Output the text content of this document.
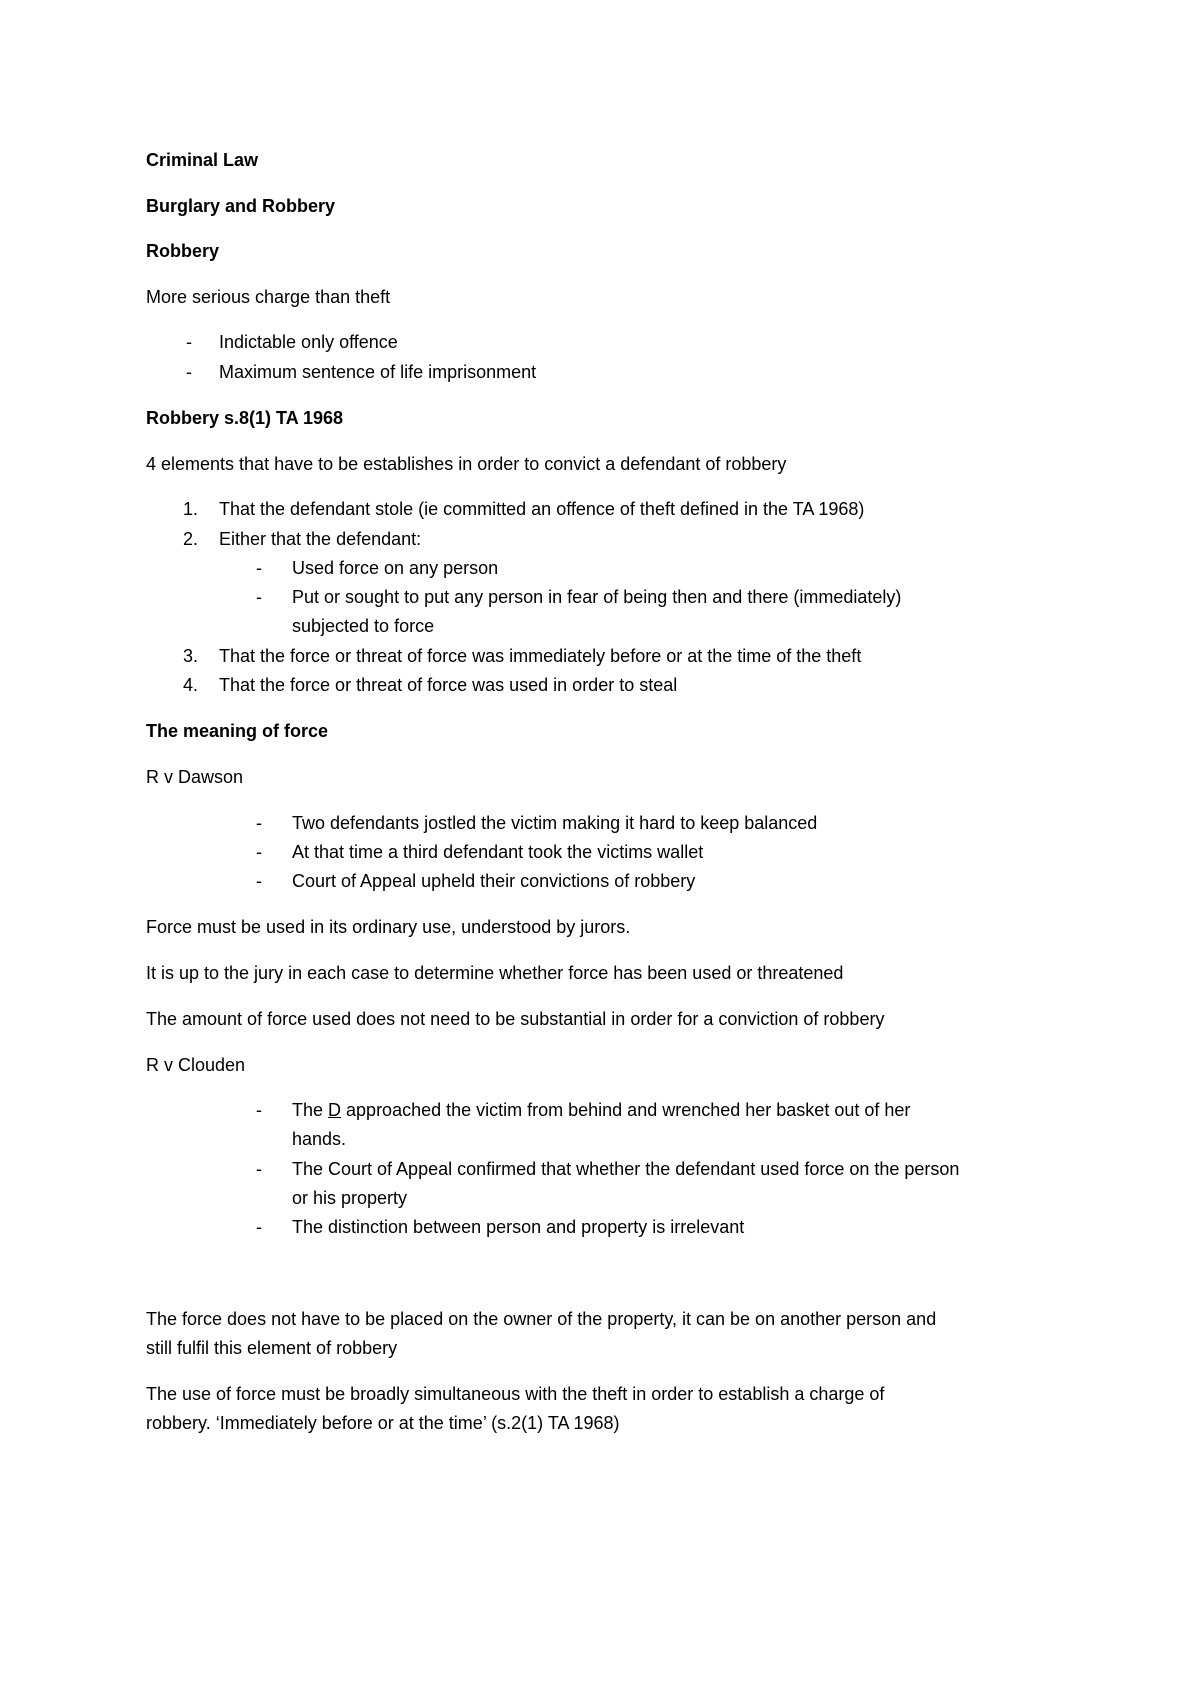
Criminal Law
Burglary and Robbery
Robbery
More serious charge than theft
- Indictable only offence
- Maximum sentence of life imprisonment
Robbery s.8(1) TA 1968
4 elements that have to be establishes in order to convict a defendant of robbery
1. That the defendant stole (ie committed an offence of theft defined in the TA 1968)
2. Either that the defendant:
- Used force on any person
- Put or sought to put any person in fear of being then and there (immediately)
subjected to force
3. That the force or threat of force was immediately before or at the time of the theft
4. That the force or threat of force was used in order to steal
The meaning of force
R v Dawson
- Two defendants jostled the victim making it hard to keep balanced
- At that time a third defendant took the victims wallet
- Court of Appeal upheld their convictions of robbery
Force must be used in its ordinary use, understood by jurors.
It is up to the jury in each case to determine whether force has been used or threatened
The amount of force used does not need to be substantial in order for a conviction of robbery
R v Clouden
- The D approached the victim from behind and wrenched her basket out of her
hands.
- The Court of Appeal confirmed that whether the defendant used force on the person
or his property
- The distinction between person and property is irrelevant
The force does not have to be placed on the owner of the property, it can be on another person and
still fulfil this element of robbery
The use of force must be broadly simultaneous with the theft in order to establish a charge of
robbery. ‘Immediately before or at the time’ (s.2(1) TA 1968)
